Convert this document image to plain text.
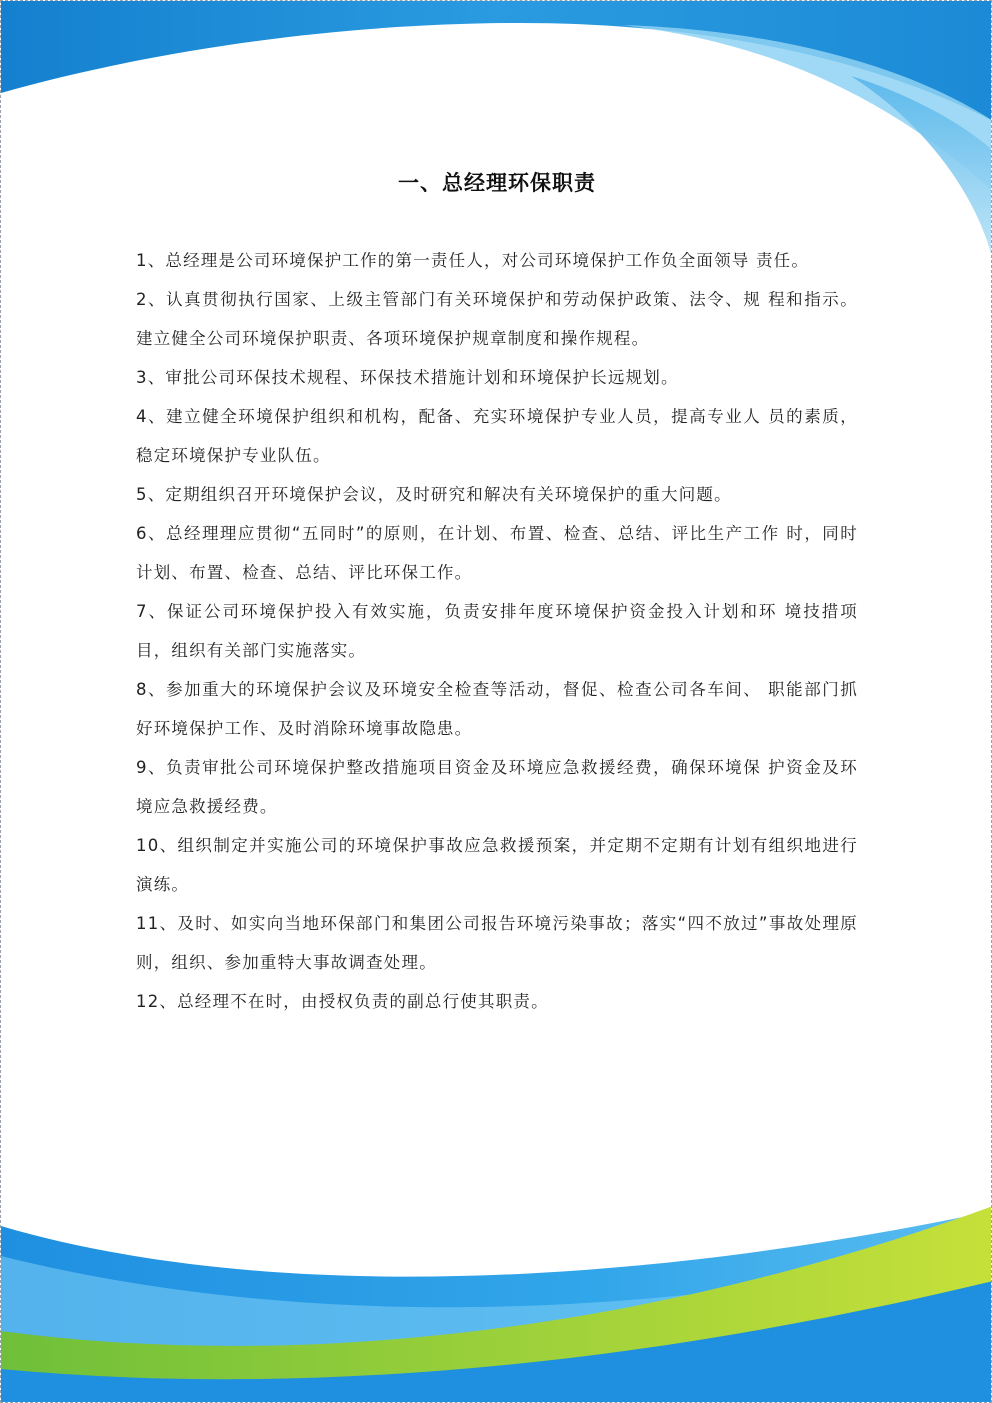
一、总经理环保职责
1、总经理是公司环境保护工作的第一责任人，对公司环境保护工作负全面领导 责任。
2、认真贯彻执行国家、上级主管部门有关环境保护和劳动保护政策、法令、规 程和指示。建立健全公司环境保护职责、各项环境保护规章制度和操作规程。
3、审批公司环保技术规程、环保技术措施计划和环境保护长远规划。
4、建立健全环境保护组织和机构，配备、充实环境保护专业人员，提高专业人 员的素质，稳定环境保护专业队伍。
5、定期组织召开环境保护会议，及时研究和解决有关环境保护的重大问题。
6、总经理理应贯彻“五同时”的原则，在计划、布置、检查、总结、评比生产工作 时，同时计划、布置、检查、总结、评比环保工作。
7、保证公司环境保护投入有效实施，负责安排年度环境保护资金投入计划和环 境技措项目，组织有关部门实施落实。
8、参加重大的环境保护会议及环境安全检查等活动，督促、检查公司各车间、 职能部门抓好环境保护工作、及时消除环境事故隐患。
9、负责审批公司环境保护整改措施项目资金及环境应急救援经费，确保环境保 护资金及环境应急救援经费。
10、组织制定并实施公司的环境保护事故应急救援预案，并定期不定期有计划有组织地进行演练。
11、及时、如实向当地环保部门和集团公司报告环境污染事故；落实“四不放过”事故处理原则，组织、参加重特大事故调查处理。
12、总经理不在时，由授权负责的副总行使其职责。
